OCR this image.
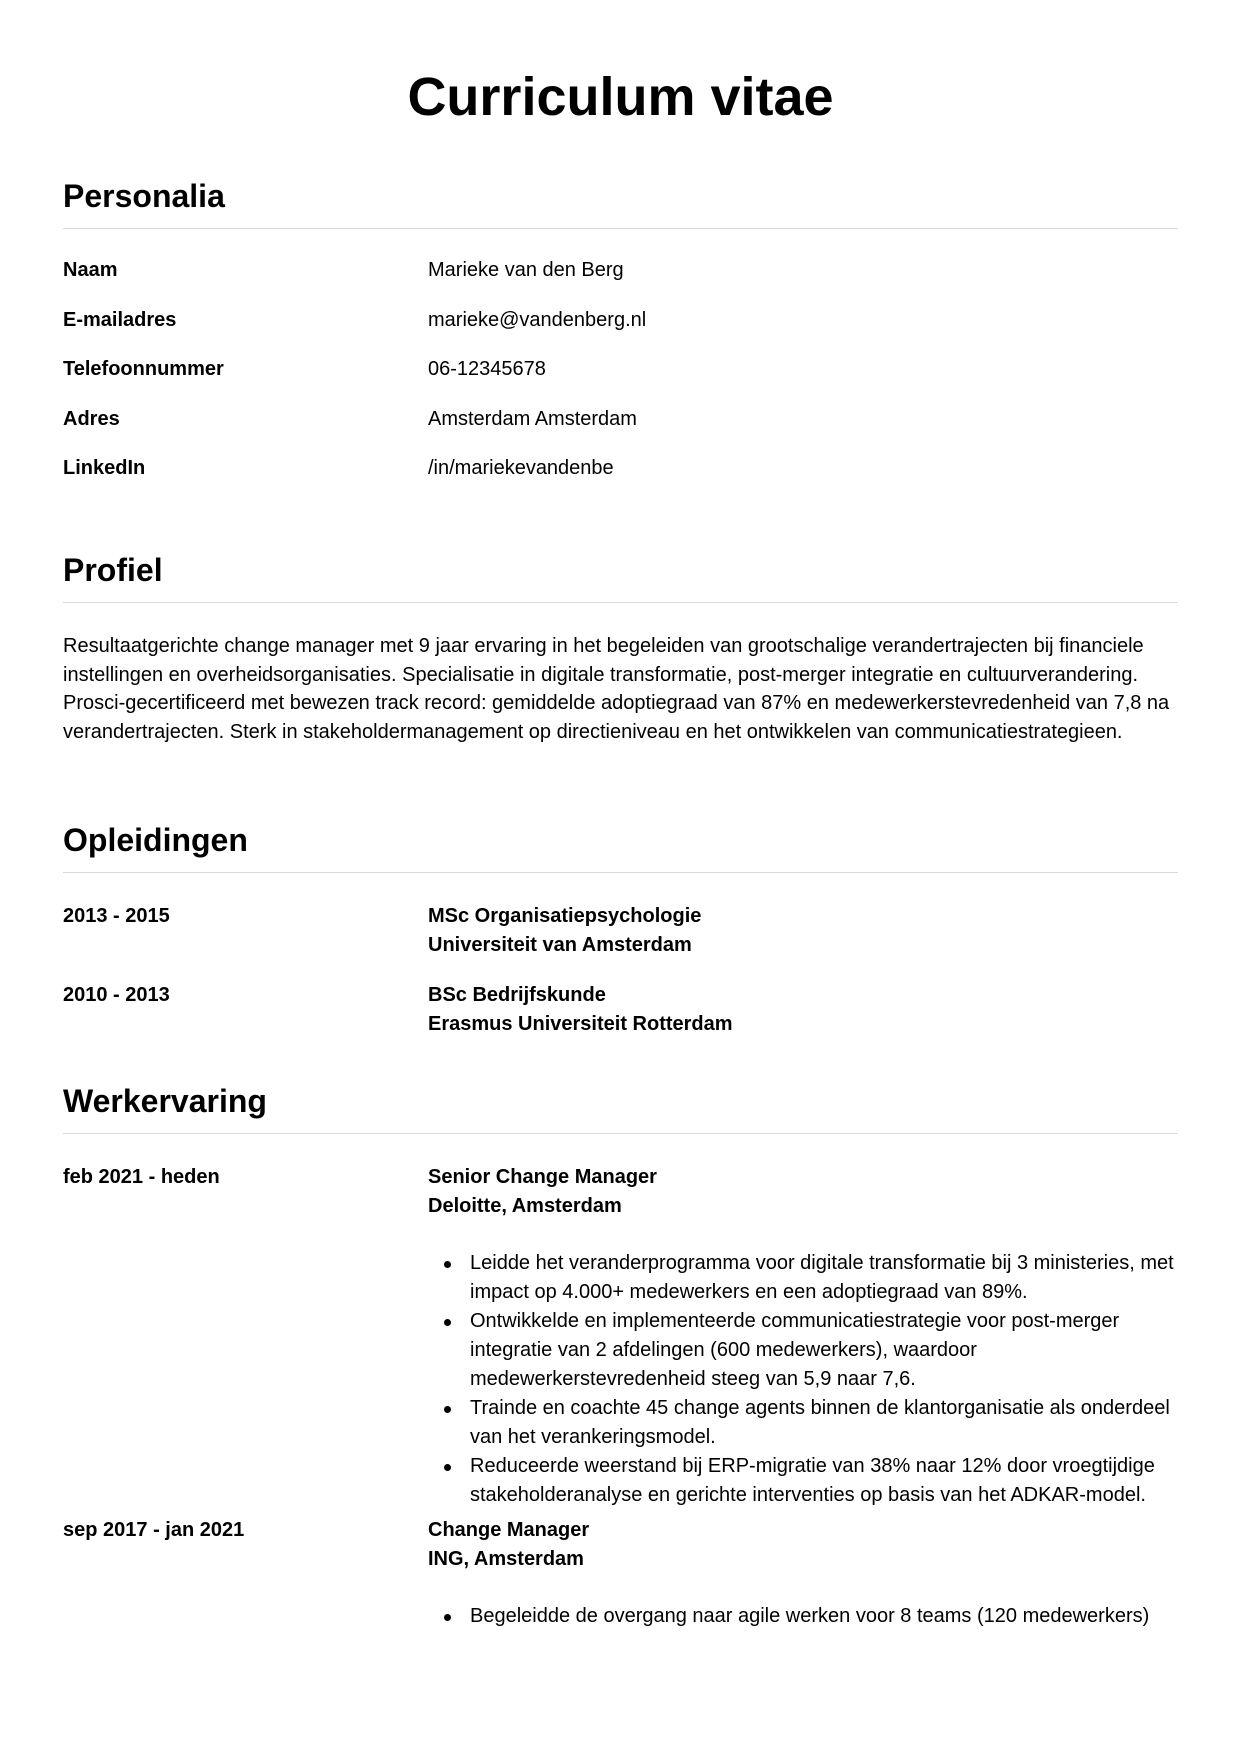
Curriculum vitae
Personalia
Naam	Marieke van den Berg
E-mailadres	marieke@vandenberg.nl
Telefoonnummer	06-12345678
Adres	Amsterdam Amsterdam
LinkedIn	/in/mariekevandenbe
Profiel

Resultaatgerichte change manager met 9 jaar ervaring in het begeleiden van grootschalige verandertrajecten bij financiele instellingen en overheidsorganisaties. Specialisatie in digitale transformatie, post-merger integratie en cultuurverandering. Prosci-gecertificeerd met bewezen track record: gemiddelde adoptiegraad van 87% en medewerkerstevredenheid van 7,8 na verandertrajecten. Sterk in stakeholdermanagement op directieniveau en het ontwikkelen van communicatiestrategieen.

Opleidingen
2013 - 2015	MSc Organisatiepsychologie
Universiteit van Amsterdam
2010 - 2013	BSc Bedrijfskunde
Erasmus Universiteit Rotterdam
Werkervaring
feb 2021 - heden	Senior Change Manager
Deloitte, Amsterdam
Leidde het veranderprogramma voor digitale transformatie bij 3 ministeries, met impact op 4.000+ medewerkers en een adoptiegraad van 89%.
Ontwikkelde en implementeerde communicatiestrategie voor post-merger integratie van 2 afdelingen (600 medewerkers), waardoor medewerkerstevredenheid steeg van 5,9 naar 7,6.
Trainde en coachte 45 change agents binnen de klantorganisatie als onderdeel van het verankeringsmodel.
Reduceerde weerstand bij ERP-migratie van 38% naar 12% door vroegtijdige stakeholderanalyse en gerichte interventies op basis van het ADKAR-model.
sep 2017 - jan 2021	Change Manager
ING, Amsterdam
Begeleidde de overgang naar agile werken voor 8 teams (120 medewerkers)
